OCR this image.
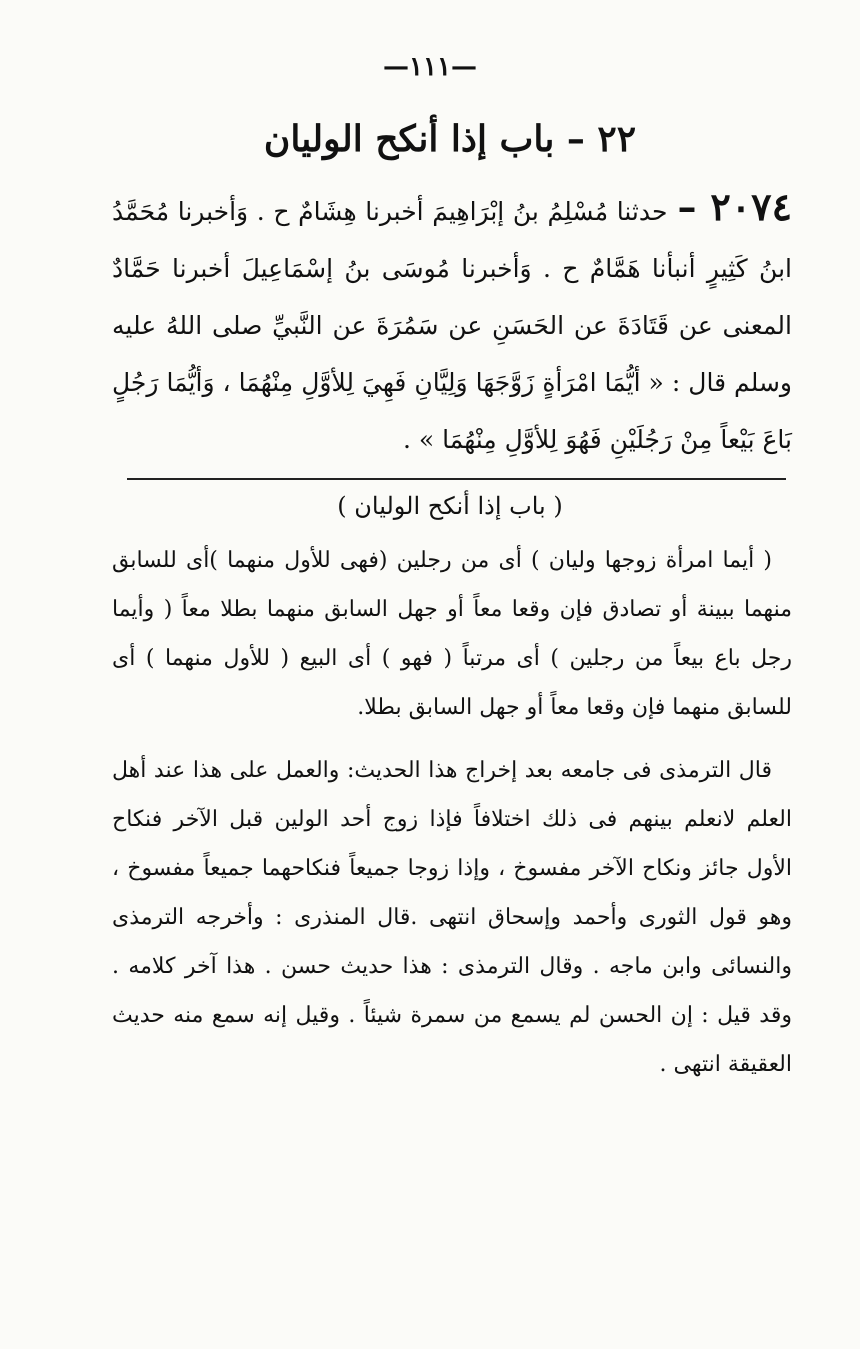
—١١١—
٢٢ – باب إذا أنكح الوليان
٢٠٧٤ –حدثنا مُسْلِمُ بنُ إبْرَاهِيمَ أخبرنا هِشَامٌ ح . وَأخبرنا مُحَمَّدُ ابنُ كَثِيرٍ أنبأنا هَمَّامٌ ح . وَأخبرنا مُوسَى بنُ إسْمَاعِيلَ أخبرنا حَمَّادٌ المعنى عن قَتَادَةَ عن الحَسَنِ عن سَمُرَةَ عن النَّبيِّ صلى اللهُ عليه وسلم قال : « أيُّمَا امْرَأةٍ زَوَّجَهَا وَلِيَّانِ فَهِيَ لِلأوَّلِ مِنْهُمَا ، وَأيُّمَا رَجُلٍ بَاعَ بَيْعاً مِنْ رَجُلَيْنِ فَهُوَ لِلأوَّلِ مِنْهُمَا » .
( باب إذا أنكح الوليان )

( أيما امرأة زوجها وليان ) أى من رجلين (فهى للأول منهما )أى للسابق منهما ببينة أو تصادق فإن وقعا معاً أو جهل السابق منهما بطلا معاً ( وأيما رجل باع بيعاً من رجلين ) أى مرتباً ( فهو ) أى البيع ( للأول منهما ) أى للسابق منهما فإن وقعا معاً أو جهل السابق بطلا.

قال الترمذى فى جامعه بعد إخراج هذا الحديث: والعمل على هذا عند أهل العلم لانعلم بينهم فى ذلك اختلافاً فإذا زوج أحد الولين قبل الآخر فنكاح الأول جائز ونكاح الآخر مفسوخ ، وإذا زوجا جميعاً فنكاحهما جميعاً مفسوخ ، وهو قول الثورى وأحمد وإسحاق انتهى .قال المنذرى : وأخرجه الترمذى والنسائى وابن ماجه . وقال الترمذى : هذا حديث حسن . هذا آخر كلامه . وقد قيل : إن الحسن لم يسمع من سمرة شيئاً . وقيل إنه سمع منه حديث العقيقة انتهى .
